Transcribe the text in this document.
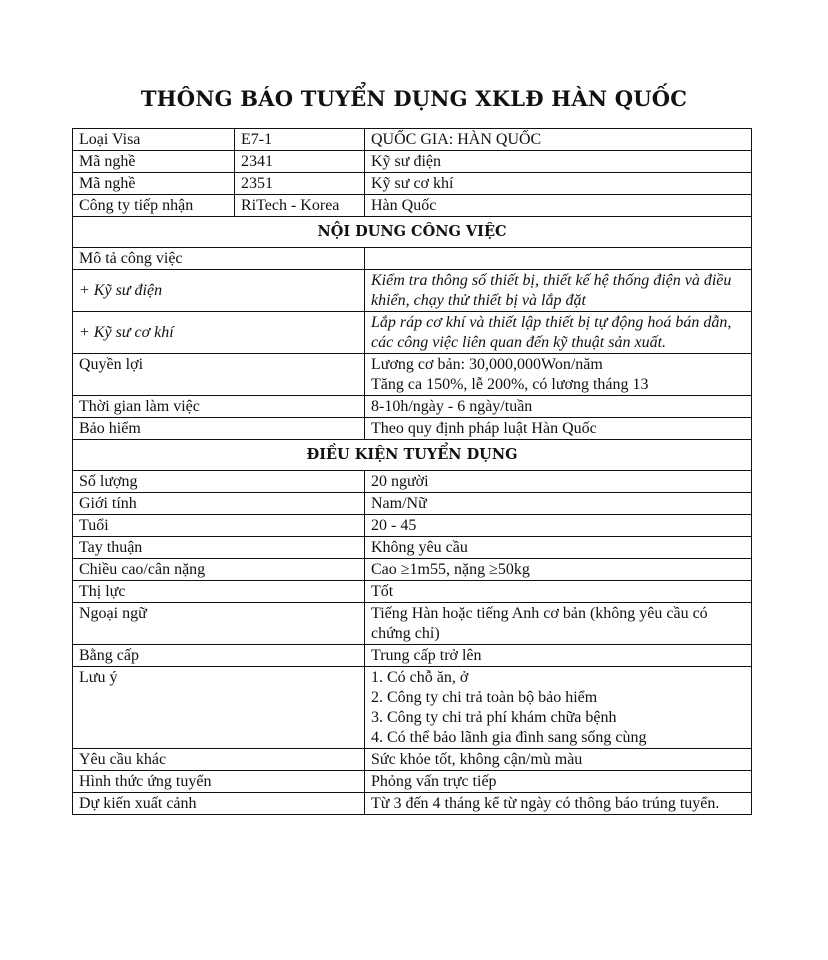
THÔNG BÁO TUYỂN DỤNG XKLĐ HÀN QUỐC
Loại Visa	E7-1	QUỐC GIA: HÀN QUỐC
Mã nghề	2341	Kỹ sư điện
Mã nghề	2351	Kỹ sư cơ khí
Công ty tiếp nhận	RiTech - Korea	Hàn Quốc
NỘI DUNG CÔNG VIỆC		
Mô tả công việc		
+ Kỹ sư điện		Kiểm tra thông số thiết bị, thiết kế hệ thống điện và điều khiển, chạy thử thiết bị và lắp đặt
+ Kỹ sư cơ khí		Lắp ráp cơ khí và thiết lập thiết bị tự động hoá bán dẫn, các công việc liên quan đến kỹ thuật sản xuất.
Quyền lợi		Lương cơ bản: 30,000,000Won/năm
Tăng ca 150%, lễ 200%, có lương tháng 13
Thời gian làm việc		8-10h/ngày - 6 ngày/tuần
Bảo hiểm		Theo quy định pháp luật Hàn Quốc
ĐIỀU KIỆN TUYỂN DỤNG		
Số lượng		20 người
Giới tính		Nam/Nữ
Tuổi		20 - 45
Tay thuận		Không yêu cầu
Chiều cao/cân nặng		Cao ≥1m55, nặng ≥50kg
Thị lực		Tốt
Ngoại ngữ		Tiếng Hàn hoặc tiếng Anh cơ bản (không yêu cầu có chứng chỉ)
Bằng cấp		Trung cấp trở lên
Lưu ý		1. Có chỗ ăn, ở
2. Công ty chi trả toàn bộ bảo hiểm
3. Công ty chi trả phí khám chữa bệnh
4. Có thể bảo lãnh gia đình sang sống cùng
Yêu cầu khác		Sức khỏe tốt, không cận/mù màu
Hình thức ứng tuyển		Phỏng vấn trực tiếp
Dự kiến xuất cảnh		Từ 3 đến 4 tháng kể từ ngày có thông báo trúng tuyển.
